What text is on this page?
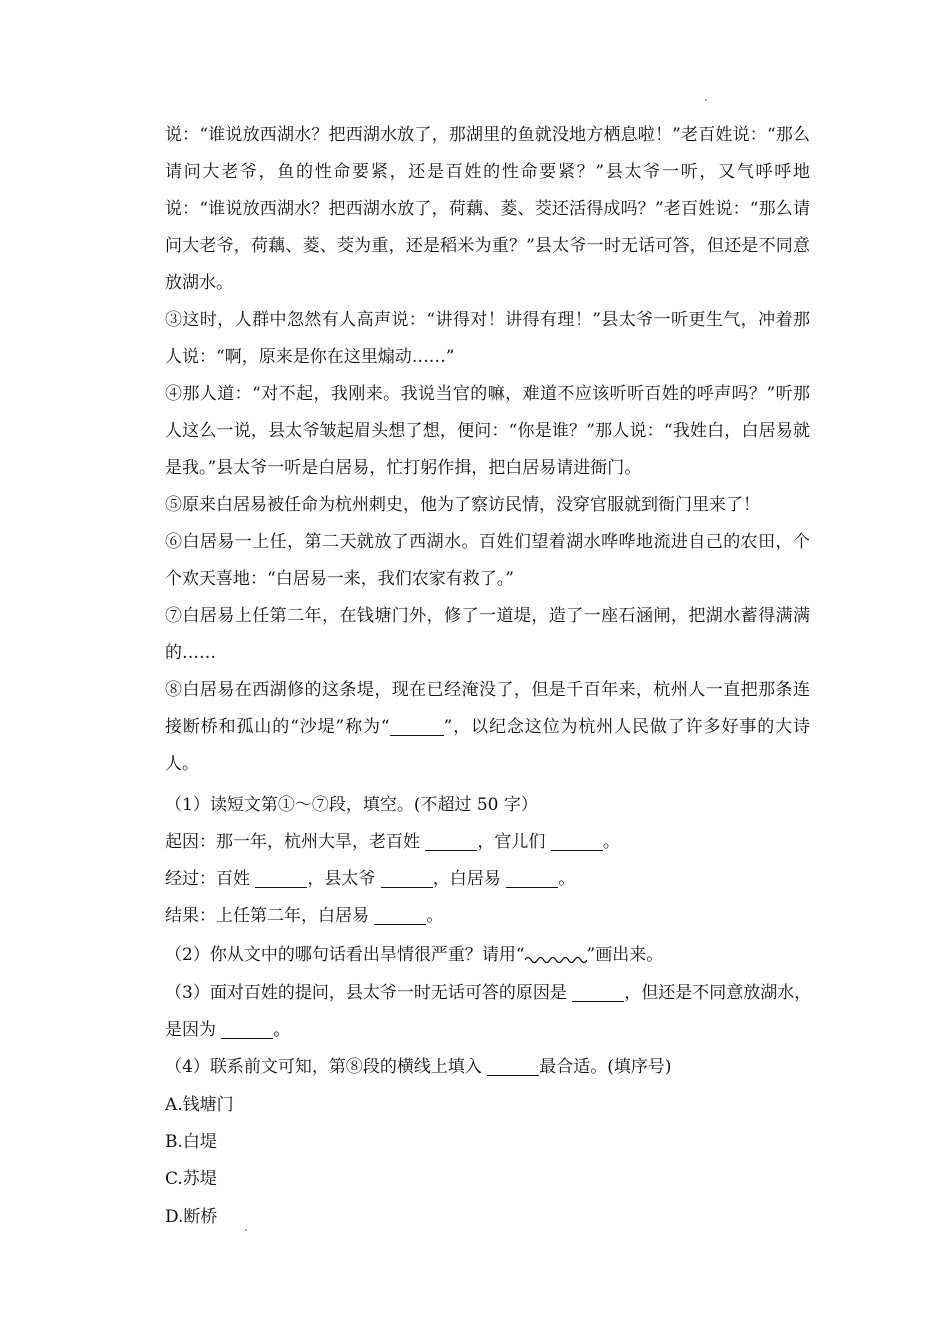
说：“谁说放西湖水？把西湖水放了，那湖里的鱼就没地方栖息啦！”老百姓说：“那么请问大老爷，鱼的性命要紧，还是百姓的性命要紧？”县太爷一听，又气呼呼地说：“谁说放西湖水？把西湖水放了，荷藕、菱、茭还活得成吗？”老百姓说：“那么请问大老爷，荷藕、菱、茭为重，还是稻米为重？”县太爷一时无话可答，但还是不同意放湖水。

③这时，人群中忽然有人高声说：“讲得对！讲得有理！”县太爷一听更生气，冲着那人说：“啊，原来是你在这里煽动……”

④那人道：“对不起，我刚来。我说当官的嘛，难道不应该听听百姓的呼声吗？”听那人这么一说，县太爷皱起眉头想了想，便问：“你是谁？”那人说：“我姓白，白居易就是我。”县太爷一听是白居易，忙打躬作揖，把白居易请进衙门。

⑤原来白居易被任命为杭州刺史，他为了察访民情，没穿官服就到衙门里来了！

⑥白居易一上任，第二天就放了西湖水。百姓们望着湖水哗哗地流进自己的农田，个个欢天喜地：“白居易一来，我们农家有救了。”

⑦白居易上任第二年，在钱塘门外，修了一道堤，造了一座石涵闸，把湖水蓄得满满的……

⑧白居易在西湖修的这条堤，现在已经淹没了，但是千百年来，杭州人一直把那条连接断桥和孤山的“沙堤”称为“	”，以纪念这位为杭州人民做了许多好事的大诗人。

（1）读短文第①～⑦段，填空。(不超过 50 字）

起因：那一年，杭州大旱，老百姓	，官儿们	。

经过：百姓	，县太爷	，白居易	。

结果：上任第二年，白居易	。

（2）你从文中的哪句话看出旱情很严重？请用“	”画出来。

（3）面对百姓的提问，县太爷一时无话可答的原因是	，但还是不同意放湖水，

是因为	。

（4）联系前文可知，第⑧段的横线上填入	最合适。(填序号)

A.钱塘门

B.白堤

C.苏堤

D.断桥
